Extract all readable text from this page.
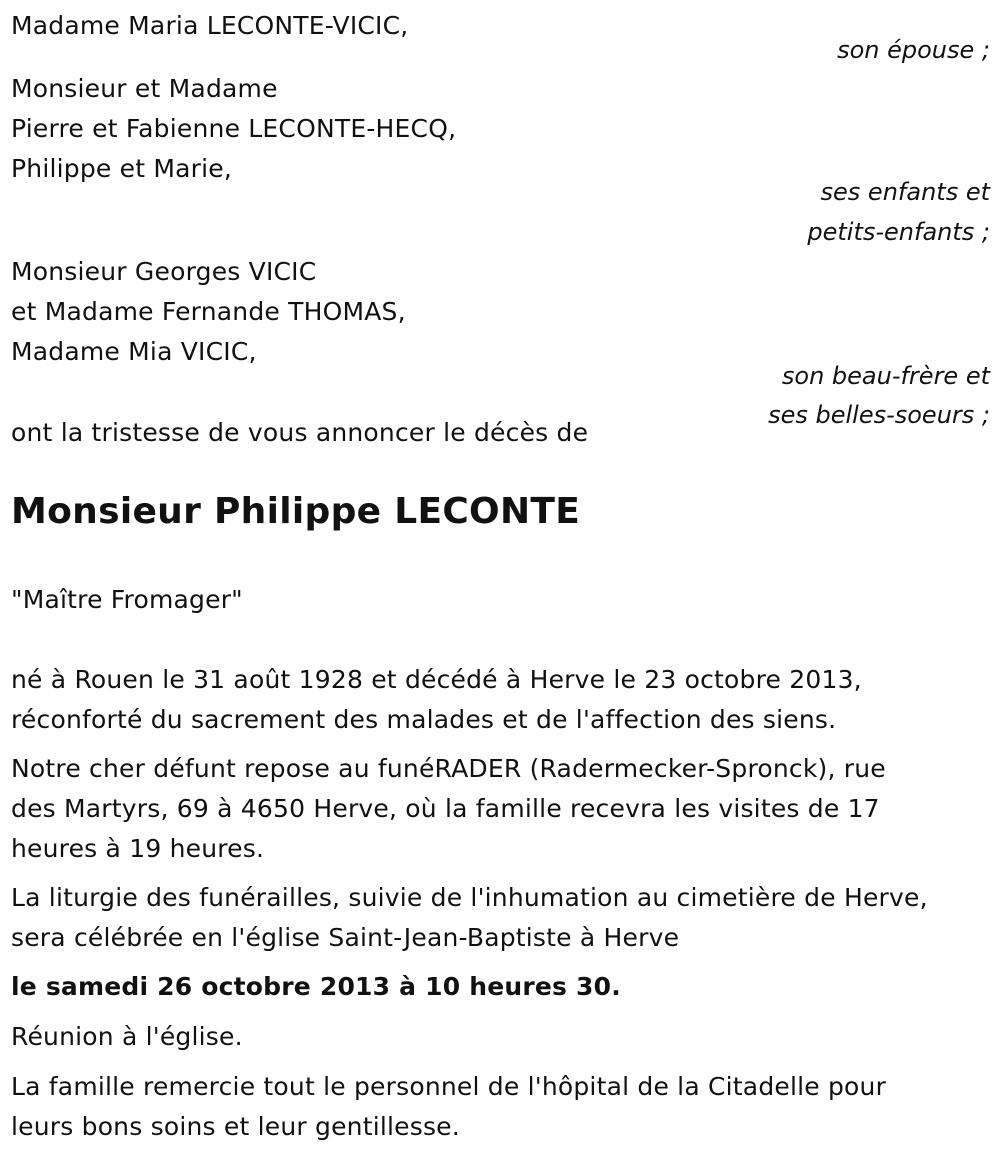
Madame Maria LECONTE-VICIC,
son épouse ;
Monsieur et Madame
Pierre et Fabienne LECONTE-HECQ,
Philippe et Marie,
ses enfants et
petits-enfants ;
Monsieur Georges VICIC
et Madame Fernande THOMAS,
Madame Mia VICIC,
son beau-frère et
ses belles-soeurs ;
ont la tristesse de vous annoncer le décès de
Monsieur Philippe LECONTE
"Maître Fromager"
né à Rouen le 31 août 1928 et décédé à Herve le 23 octobre 2013,
réconforté du sacrement des malades et de l'affection des siens.
Notre cher défunt repose au funéRADER (Radermecker-Spronck), rue
des Martyrs, 69 à 4650 Herve, où la famille recevra les visites de 17
heures à 19 heures.
La liturgie des funérailles, suivie de l'inhumation au cimetière de Herve,
sera célébrée en l'église Saint-Jean-Baptiste à Herve
le samedi 26 octobre 2013 à 10 heures 30.
Réunion à l'église.
La famille remercie tout le personnel de l'hôpital de la Citadelle pour
leurs bons soins et leur gentillesse.
